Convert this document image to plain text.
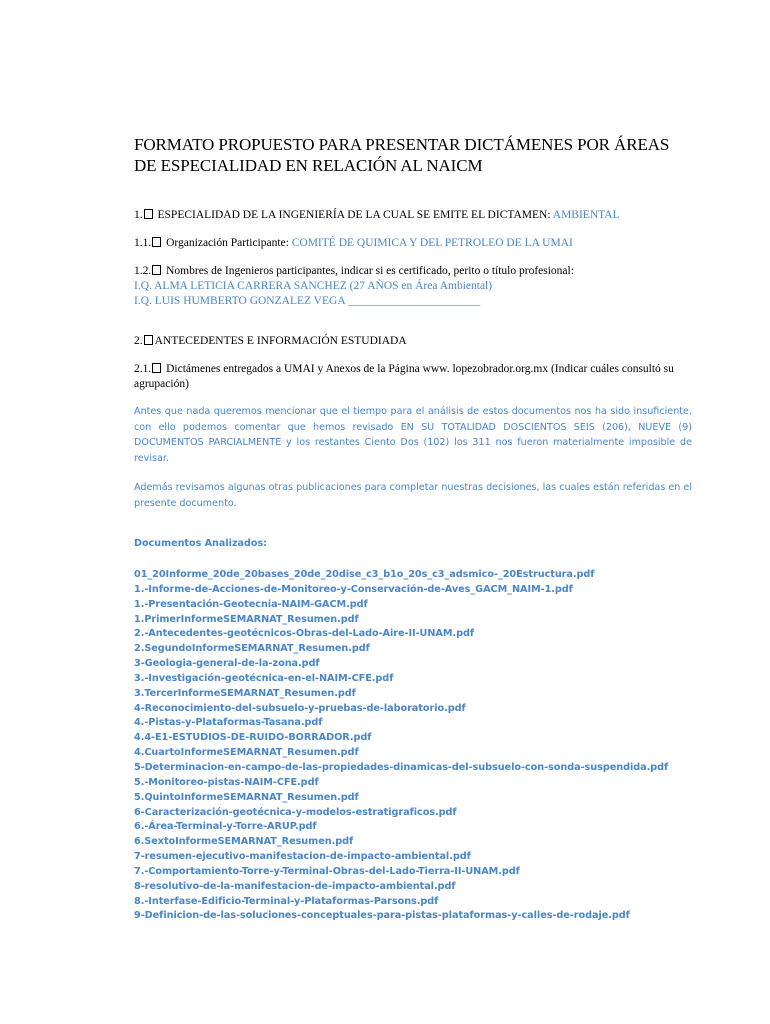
FORMATO PROPUESTO PARA PRESENTAR DICTÁMENES POR ÁREAS DE ESPECIALIDAD EN RELACIÓN AL NAICM
1. ESPECIALIDAD DE LA INGENIERÍA DE LA CUAL SE EMITE EL DICTAMEN: AMBIENTAL
1.1. Organización Participante: COMITÉ DE QUIMICA Y DEL PETROLEO DE LA UMAI
1.2. Nombres de Ingenieros participantes, indicar si es certificado, perito o título profesional:
I.Q. ALMA LETICIA CARRERA SANCHEZ (27 AÑOS en Área Ambiental)
I.Q. LUIS HUMBERTO GONZALEZ VEGA _______________________
2. ANTECEDENTES E INFORMACIÓN ESTUDIADA
2.1. Dictámenes entregados a UMAI y Anexos de la Página www. lopezobrador.org.mx (Indicar cuáles consultó su
agrupación)
Antes que nada queremos mencionar que el tiempo para el análisis de estos documentos nos ha sido insuficiente, con ello podemos comentar que hemos revisado EN SU TOTALIDAD DOSCIENTOS SEIS (206), NUEVE (9) DOCUMENTOS PARCIALMENTE y los restantes Ciento Dos (102) los 311 nos fueron materialmente imposible de revisar.
Además revisamos algunas otras publicaciones para completar nuestras decisiones, las cuales están referidas en el presente documento.
Documentos Analizados:
01_20Informe_20de_20bases_20de_20dise_c3_b1o_20s_c3_adsmico-_20Estructura.pdf
1.-Informe-de-Acciones-de-Monitoreo-y-Conservación-de-Aves_GACM_NAIM-1.pdf
1.-Presentación-Geotecnia-NAIM-GACM.pdf
1.PrimerInformeSEMARNAT_Resumen.pdf
2.-Antecedentes-geotécnicos-Obras-del-Lado-Aire-II-UNAM.pdf
2.SegundoInformeSEMARNAT_Resumen.pdf
3-Geologia-general-de-la-zona.pdf
3.-Investigación-geotécnica-en-el-NAIM-CFE.pdf
3.TercerInformeSEMARNAT_Resumen.pdf
4-Reconocimiento-del-subsuelo-y-pruebas-de-laboratorio.pdf
4.-Pistas-y-Plataformas-Tasana.pdf
4.4-E1-ESTUDIOS-DE-RUIDO-BORRADOR.pdf
4.CuartoInformeSEMARNAT_Resumen.pdf
5-Determinacion-en-campo-de-las-propiedades-dinamicas-del-subsuelo-con-sonda-suspendida.pdf
5.-Monitoreo-pistas-NAIM-CFE.pdf
5.QuintoInformeSEMARNAT_Resumen.pdf
6-Caracterización-geotécnica-y-modelos-estratigraficos.pdf
6.-Área-Terminal-y-Torre-ARUP.pdf
6.SextoInformeSEMARNAT_Resumen.pdf
7-resumen-ejecutivo-manifestacion-de-impacto-ambiental.pdf
7.-Comportamiento-Torre-y-Terminal-Obras-del-Lado-Tierra-II-UNAM.pdf
8-resolutivo-de-la-manifestacion-de-impacto-ambiental.pdf
8.-Interfase-Edificio-Terminal-y-Plataformas-Parsons.pdf
9-Definicion-de-las-soluciones-conceptuales-para-pistas-plataformas-y-calles-de-rodaje.pdf
